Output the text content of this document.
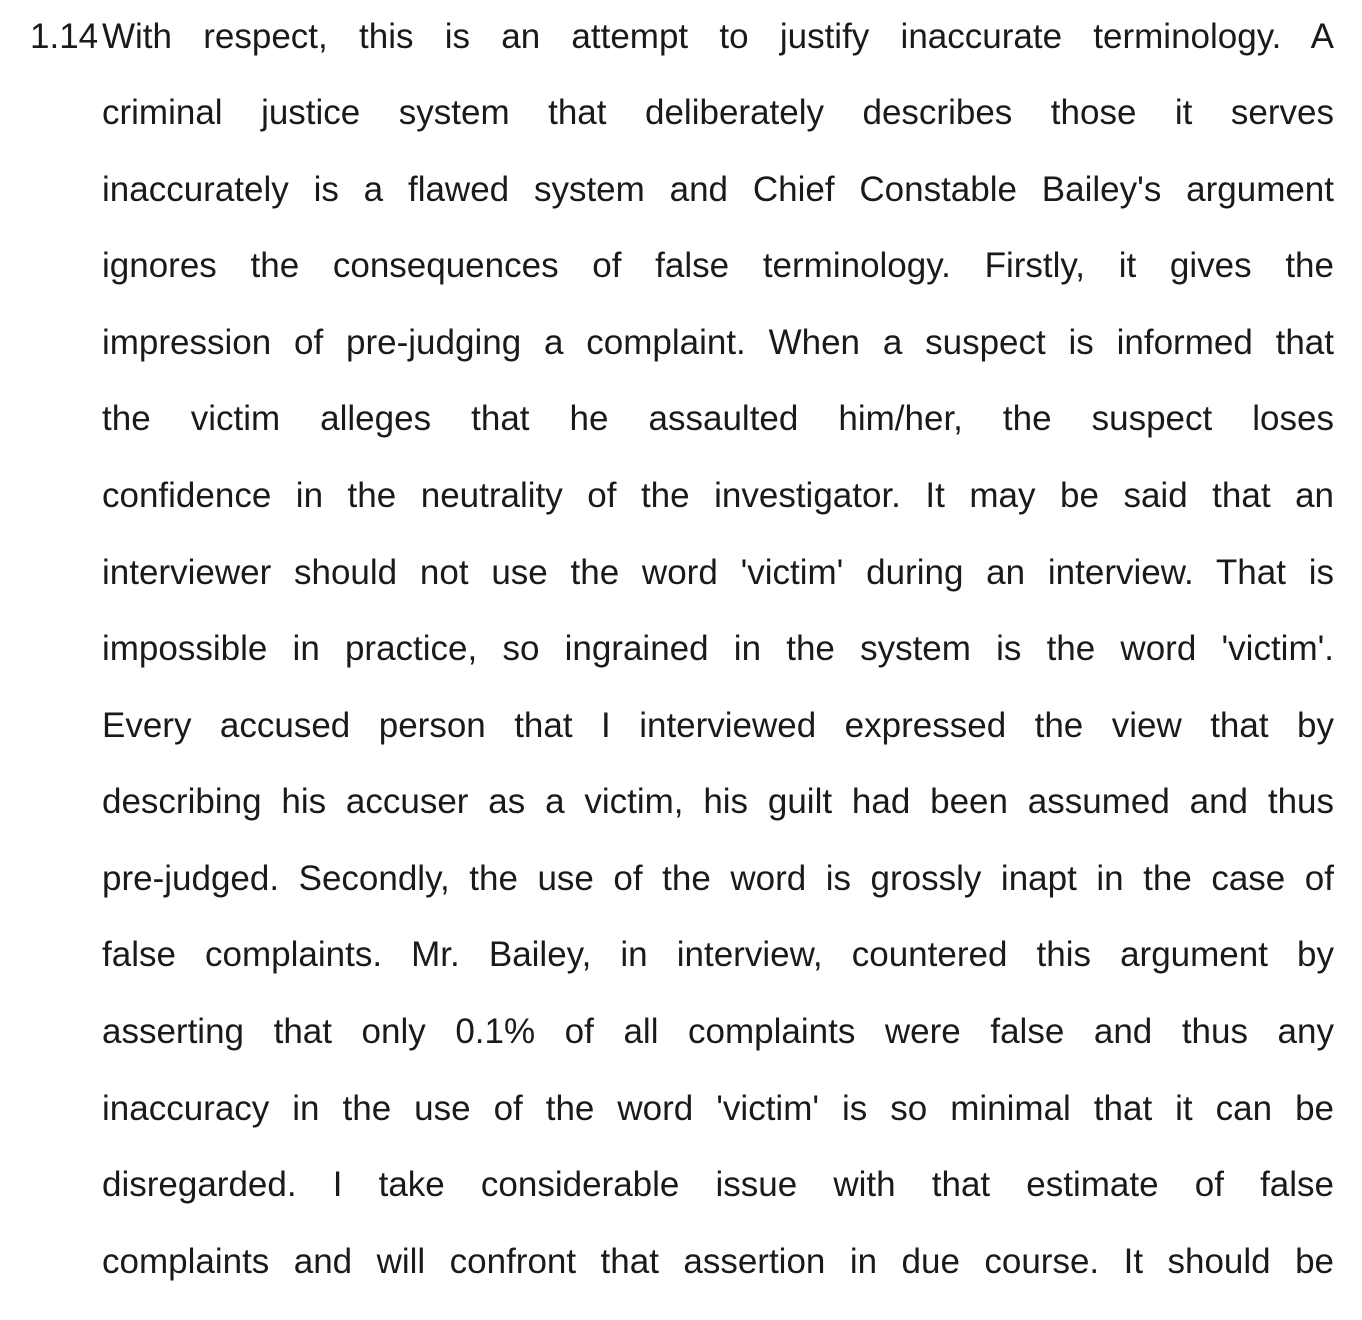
1.14 With respect, this is an attempt to justify inaccurate terminology. A
criminal justice system that deliberately describes those it serves
inaccurately is a flawed system and Chief Constable Bailey's argument
ignores the consequences of false terminology. Firstly, it gives the
impression of pre-judging a complaint. When a suspect is informed that
the victim alleges that he assaulted him/her, the suspect loses
confidence in the neutrality of the investigator. It may be said that an
interviewer should not use the word 'victim' during an interview. That is
impossible in practice, so ingrained in the system is the word 'victim'.
Every accused person that I interviewed expressed the view that by
describing his accuser as a victim, his guilt had been assumed and thus
pre-judged. Secondly, the use of the word is grossly inapt in the case of
false complaints. Mr. Bailey, in interview, countered this argument by
asserting that only 0.1% of all complaints were false and thus any
inaccuracy in the use of the word 'victim' is so minimal that it can be
disregarded. I take considerable issue with that estimate of false
complaints and will confront that assertion in due course. It should be
